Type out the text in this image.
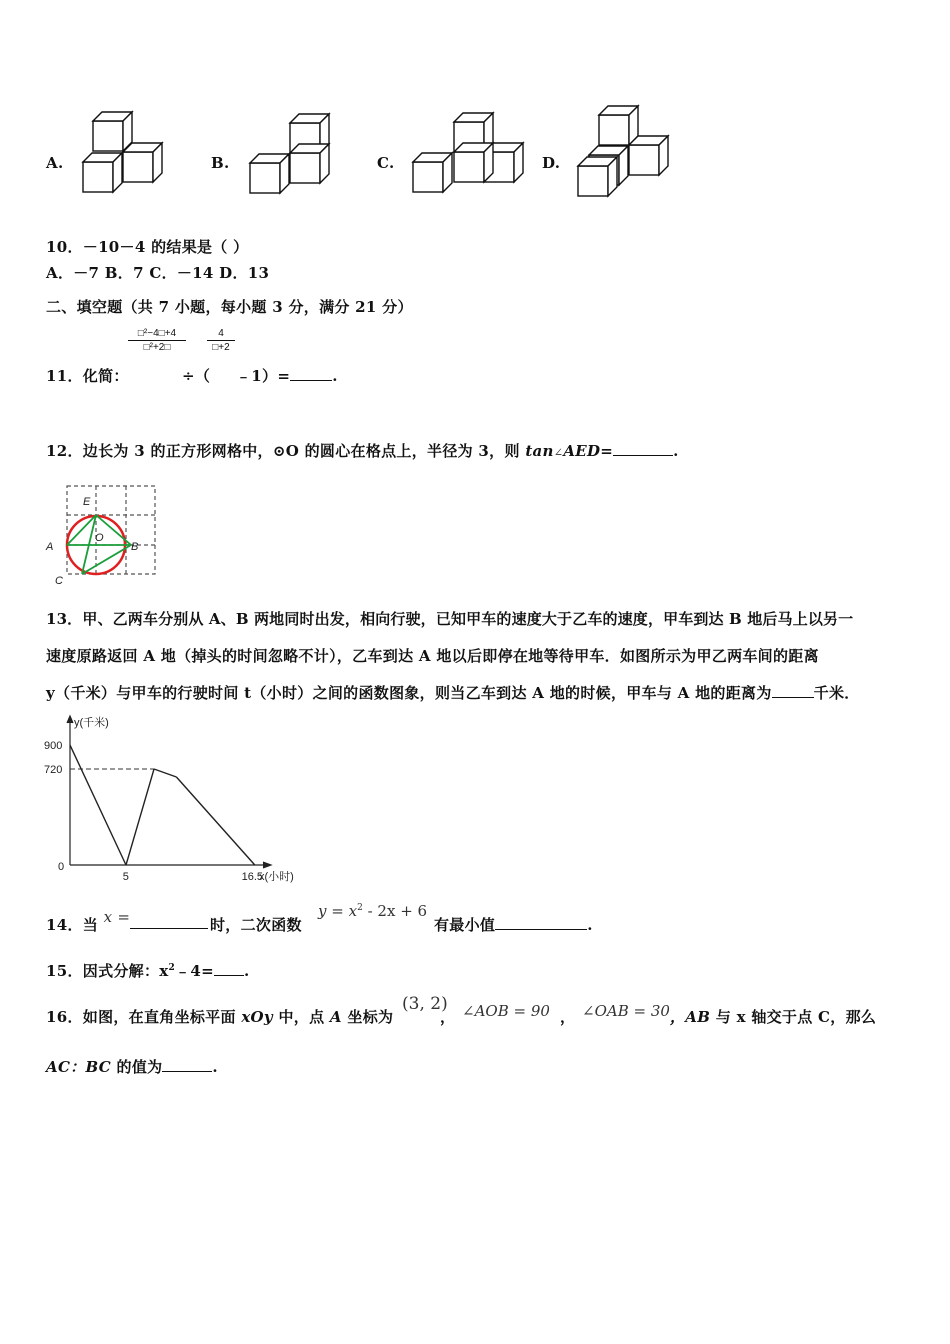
A.	B.	C.	D.
10．－10－4 的结果是（ ）
A．－7 B．7 C．－14 D．13
二、填空题（共 7 小题，每小题 3 分，满分 21 分）
$\frac{\text{□²−4□+4}}{\text{□²+2□}} \frac{4}{□+2}$
11．化简：	÷（ ﹣1）=	.
12．边长为 3 的正方形网格中，⊙O 的圆心在格点上，半径为 3，则 tan∠AED=	.
E
O
A	B
C
13．甲、乙两车分别从 A、B 两地同时出发，相向行驶，已知甲车的速度大于乙车的速度，甲车到达 B 地后马上以另一
速度原路返回 A 地（掉头的时间忽略不计），乙车到达 A 地以后即停在地等待甲车．如图所示为甲乙两车间的距离
y（千米）与甲车的行驶时间 t（小时）之间的函数图象，则当乙车到达 A 地的时候，甲车与 A 地的距离为	千米．
900
720
5	16.5
y(千米)
x(小时)
0
14．当 x =	时，二次函数
$y = x^2 - 2x + 6$
有最小值	.
15．因式分解：$x^2﹣4=$ .
16．如图，在直角坐标平面 xOy 中，点 A 坐标为
(3, 2)
， ∠AOB = 90 ， ∠OAB = 30 ，AB 与 x 轴交于点 C，那么
AC：BC 的值为	.
